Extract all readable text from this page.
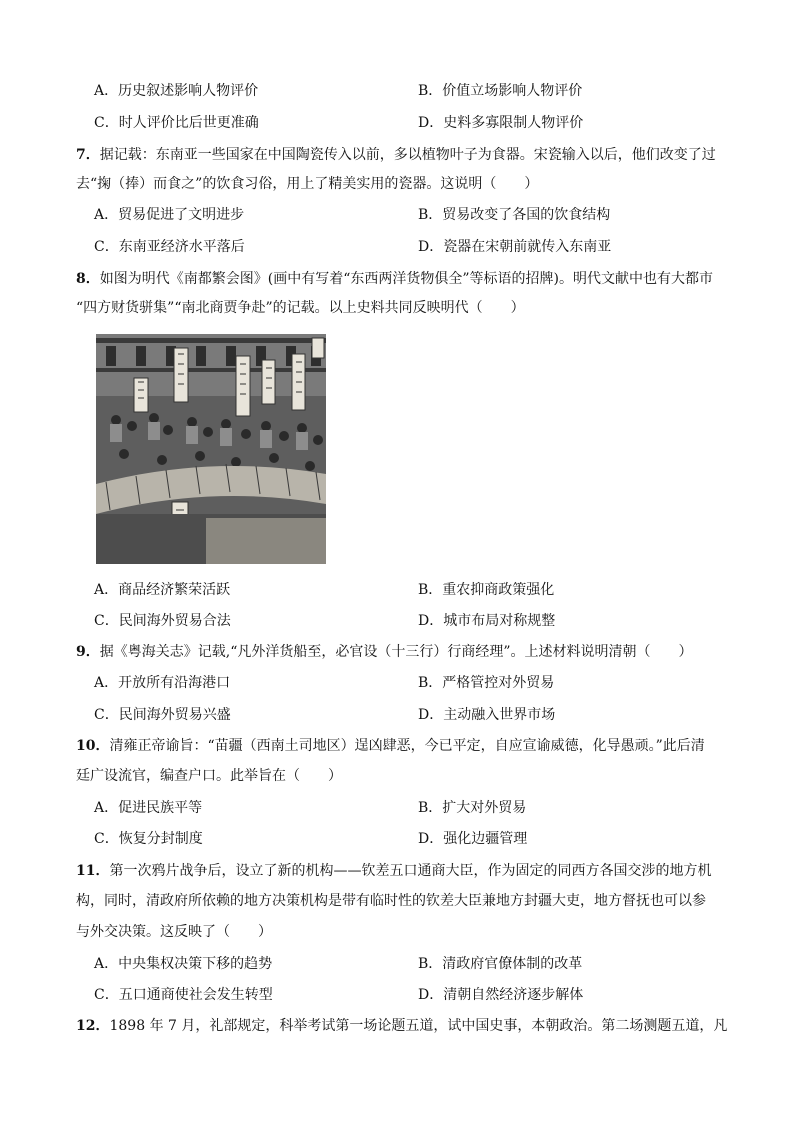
A．历史叙述影响人物评价	B．价值立场影响人物评价
C．时人评价比后世更准确	D．史料多寡限制人物评价
7．据记载：东南亚一些国家在中国陶瓷传入以前，多以植物叶子为食器。宋瓷输入以后，他们改变了过
去“掬（捧）而食之”的饮食习俗，用上了精美实用的瓷器。这说明（　　）
A．贸易促进了文明进步	B．贸易改变了各国的饮食结构
C．东南亚经济水平落后	D．瓷器在宋朝前就传入东南亚
8．如图为明代《南都繁会图》(画中有写着“东西两洋货物俱全”等标语的招牌)。明代文献中也有大都市
“四方财货骈集”“南北商贾争赴”的记载。以上史料共同反映明代（　　）
A．商品经济繁荣活跃	B．重农抑商政策强化
C．民间海外贸易合法	D．城市布局对称规整
9．据《粤海关志》记载,“凡外洋货船至，必官设（十三行）行商经理”。上述材料说明清朝（　　）
A．开放所有沿海港口	B．严格管控对外贸易
C．民间海外贸易兴盛	D．主动融入世界市场
10．清雍正帝谕旨：“苗疆（西南土司地区）逞凶肆恶，今已平定，自应宣谕威德，化导愚顽。”此后清
廷广设流官，编查户口。此举旨在（　　）
A．促进民族平等	B．扩大对外贸易
C．恢复分封制度	D．强化边疆管理
11．第一次鸦片战争后，设立了新的机构——钦差五口通商大臣，作为固定的同西方各国交涉的地方机
构，同时，清政府所依赖的地方决策机构是带有临时性的钦差大臣兼地方封疆大吏，地方督抚也可以参
与外交决策。这反映了（　　）
A．中央集权决策下移的趋势	B．清政府官僚体制的改革
C．五口通商使社会发生转型	D．清朝自然经济逐步解体
12．1898 年 7 月，礼部规定，科举考试第一场论题五道，试中国史事，本朝政治。第二场测题五道，凡
